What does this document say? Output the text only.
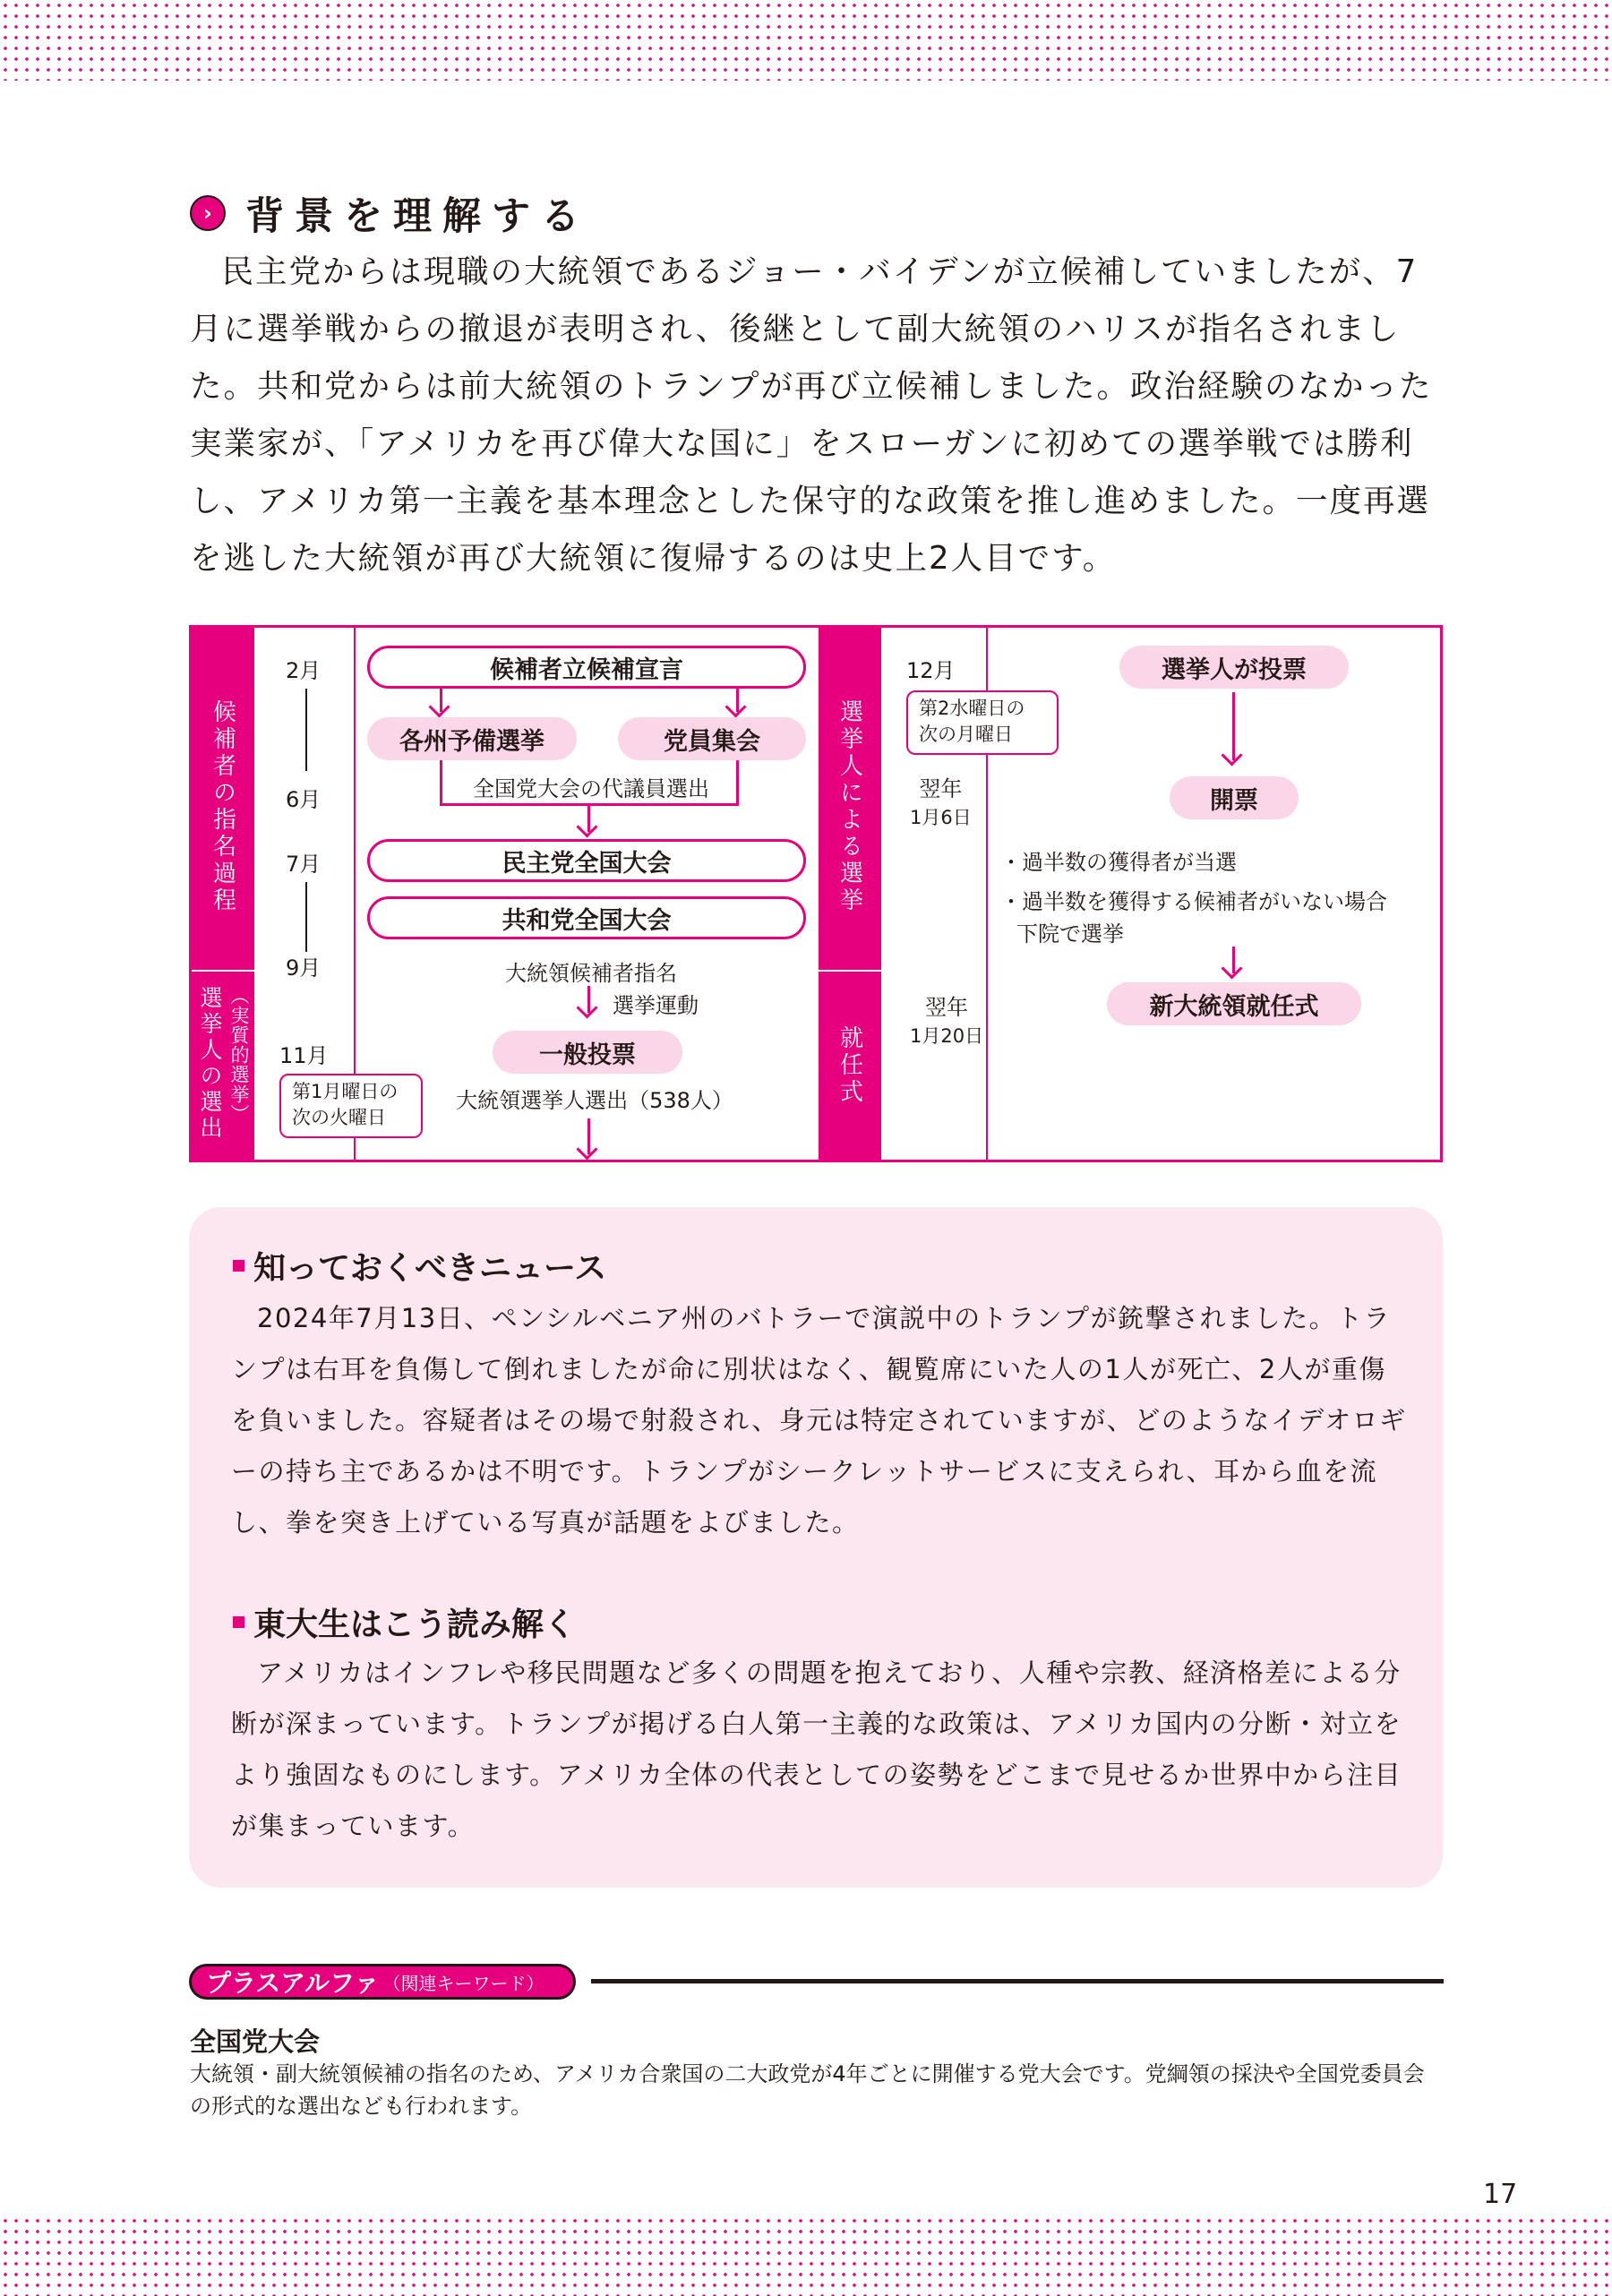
› 背景を理解する

民主党からは現職の大統領であるジョー・バイデンが立候補していましたが、7月に選挙戦からの撤退が表明され、後継として副大統領のハリスが指名されました。共和党からは前大統領のトランプが再び立候補しました。政治経験のなかった実業家が、「アメリカを再び偉大な国に」をスローガンに初めての選挙戦では勝利し、アメリカ第一主義を基本理念とした保守的な政策を推し進めました。一度再選を逃した大統領が再び大統領に復帰するのは史上2人目です。

候補者の指名過程
選挙人の選出 （実質的選挙）
2月
6月
7月
9月
11月
第1月曜日の
次の火曜日
候補者立候補宣言
各州予備選挙	党員集会
全国党大会の代議員選出
民主党全国大会
共和党全国大会
大統領候補者指名
選挙運動
一般投票
大統領選挙人選出（538人）
選挙人による選挙
就任式
12月
第2水曜日の
次の月曜日
翌年
1月6日
翌年
1月20日
選挙人が投票
開票
・過半数の獲得者が当選
・過半数を獲得する候補者がいない場合
下院で選挙
新大統領就任式
知っておくべきニュース

2024年7月13日、ペンシルベニア州のバトラーで演説中のトランプが銃撃されました。トランプは右耳を負傷して倒れましたが命に別状はなく、観覧席にいた人の1人が死亡、2人が重傷を負いました。容疑者はその場で射殺され、身元は特定されていますが、どのようなイデオロギーの持ち主であるかは不明です。トランプがシークレットサービスに支えられ、耳から血を流し、拳を突き上げている写真が話題をよびました。

東大生はこう読み解く

アメリカはインフレや移民問題など多くの問題を抱えており、人種や宗教、経済格差による分断が深まっています。トランプが掲げる白人第一主義的な政策は、アメリカ国内の分断・対立をより強固なものにします。アメリカ全体の代表としての姿勢をどこまで見せるか世界中から注目が集まっています。

プラスアルファ （関連キーワード）
全国党大会

大統領・副大統領候補の指名のため、アメリカ合衆国の二大政党が4年ごとに開催する党大会です。党綱領の採決や全国党委員会の形式的な選出なども行われます。

17
